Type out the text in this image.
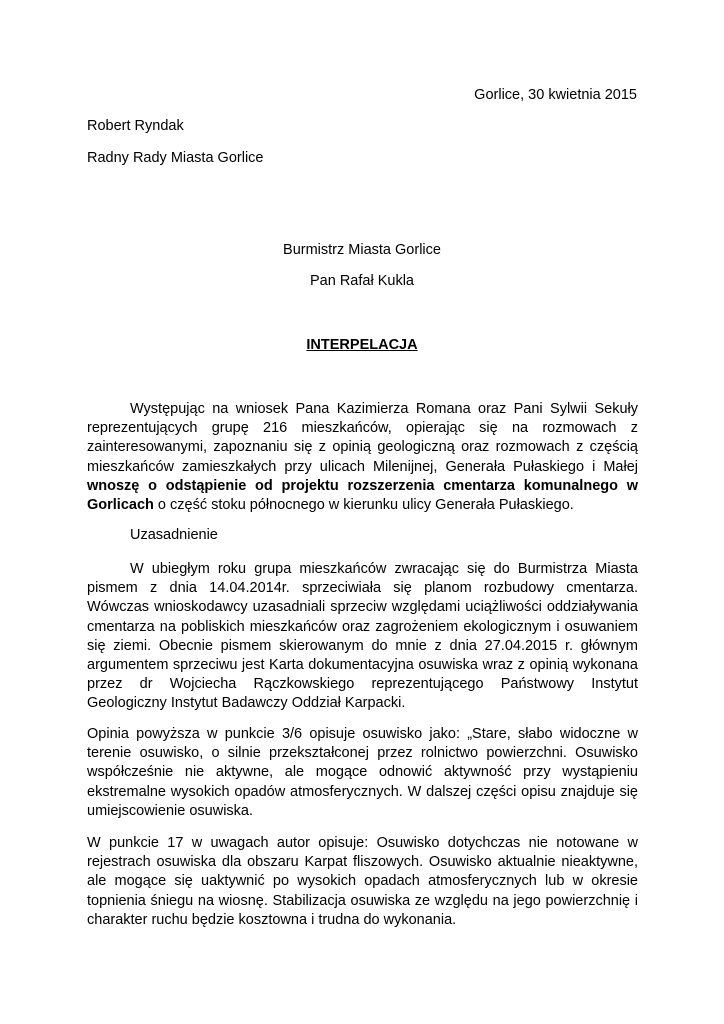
Gorlice, 30 kwietnia 2015
Robert Ryndak
Radny Rady Miasta Gorlice
Burmistrz Miasta Gorlice
Pan Rafał Kukla
INTERPELACJA

Występując na wniosek Pana Kazimierza Romana oraz Pani Sylwii Sekuły reprezentujących grupę 216 mieszkańców, opierając się na rozmowach z zainteresowanymi, zapoznaniu się z opinią geologiczną oraz rozmowach z częścią mieszkańców zamieszkałych przy ulicach Milenijnej, Generała Pułaskiego i Małej wnoszę o odstąpienie od projektu rozszerzenia cmentarza komunalnego w Gorlicach o część stoku północnego w kierunku ulicy Generała Pułaskiego.

Uzasadnienie

W ubiegłym roku grupa mieszkańców zwracając się do Burmistrza Miasta pismem z dnia 14.04.2014r. sprzeciwiała się planom rozbudowy cmentarza. Wówczas wnioskodawcy uzasadniali sprzeciw względami uciążliwości oddziaływania cmentarza na pobliskich mieszkańców oraz zagrożeniem ekologicznym i osuwaniem się ziemi. Obecnie pismem skierowanym do mnie z dnia 27.04.2015 r. głównym argumentem sprzeciwu jest Karta dokumentacyjna osuwiska wraz z opinią wykonana przez dr Wojciecha Rączkowskiego reprezentującego Państwowy Instytut Geologiczny Instytut Badawczy Oddział Karpacki.

Opinia powyższa w punkcie 3/6 opisuje osuwisko jako: „Stare, słabo widoczne w terenie osuwisko, o silnie przekształconej przez rolnictwo powierzchni. Osuwisko współcześnie nie aktywne, ale mogące odnowić aktywność przy wystąpieniu ekstremalne wysokich opadów atmosferycznych. W dalszej części opisu znajduje się umiejscowienie osuwiska.

W punkcie 17 w uwagach autor opisuje: Osuwisko dotychczas nie notowane w rejestrach osuwiska dla obszaru Karpat fliszowych. Osuwisko aktualnie nieaktywne, ale mogące się uaktywnić po wysokich opadach atmosferycznych lub w okresie topnienia śniegu na wiosnę. Stabilizacja osuwiska ze względu na jego powierzchnię i charakter ruchu będzie kosztowna i trudna do wykonania.
